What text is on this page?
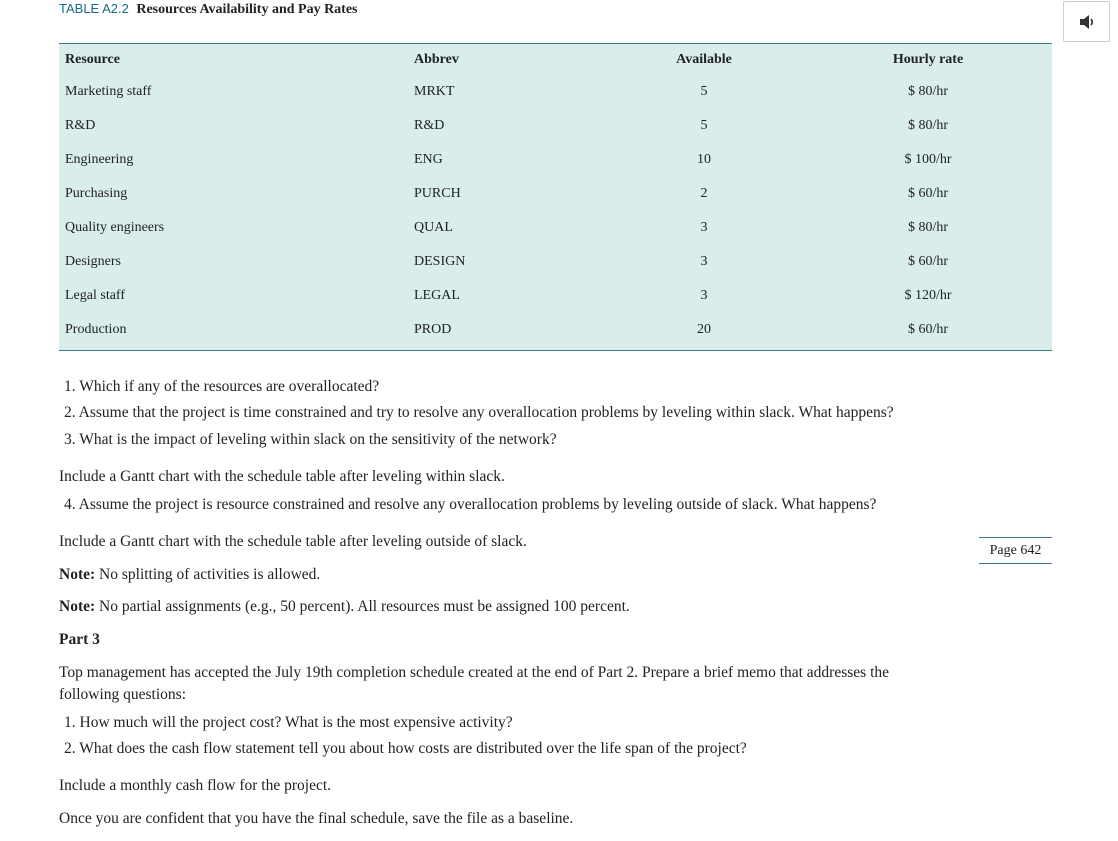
TABLE A2.2 Resources Availability and Pay Rates
Resource	Abbrev	Available	Hourly rate
Marketing staff	MRKT	5	$ 80/hr
R&D	R&D	5	$ 80/hr
Engineering	ENG	10	$ 100/hr
Purchasing	PURCH	2	$ 60/hr
Quality engineers	QUAL	3	$ 80/hr
Designers	DESIGN	3	$ 60/hr
Legal staff	LEGAL	3	$ 120/hr
Production	PROD	20	$ 60/hr
1. Which if any of the resources are overallocated?
2. Assume that the project is time constrained and try to resolve any overallocation problems by leveling within slack. What happens?
3. What is the impact of leveling within slack on the sensitivity of the network?
Include a Gantt chart with the schedule table after leveling within slack.
4. Assume the project is resource constrained and resolve any overallocation problems by leveling outside of slack. What happens?
Include a Gantt chart with the schedule table after leveling outside of slack.	Page 642
Note: No splitting of activities is allowed.
Note: No partial assignments (e.g., 50 percent). All resources must be assigned 100 percent.
Part 3
Top management has accepted the July 19th completion schedule created at the end of Part 2. Prepare a brief memo that addresses the
following questions:
1. How much will the project cost? What is the most expensive activity?
2. What does the cash flow statement tell you about how costs are distributed over the life span of the project?
Include a monthly cash flow for the project.
Once you are confident that you have the final schedule, save the file as a baseline.
